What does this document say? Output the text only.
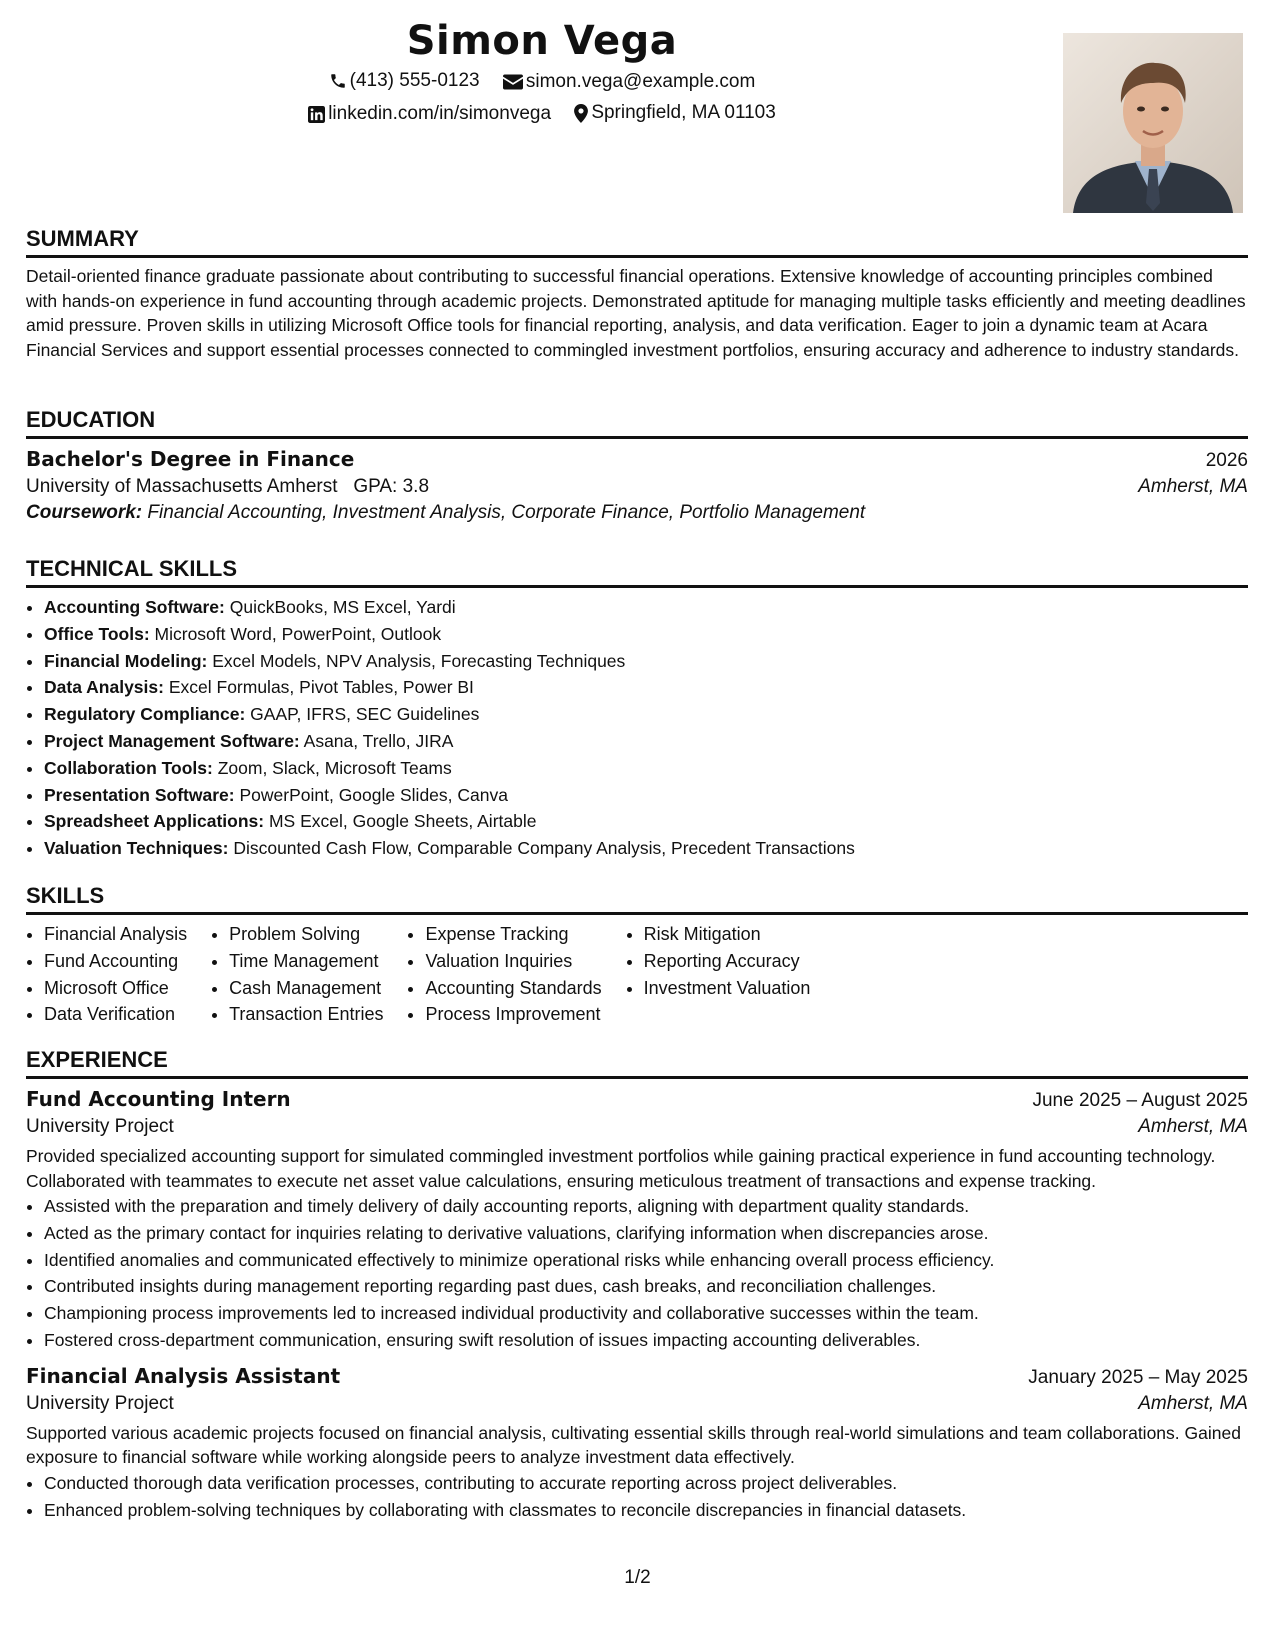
Simon Vega
(413) 555-0123
simon.vega@example.com
linkedin.com/in/simonvega
Springfield, MA 01103
SUMMARY

Detail-oriented finance graduate passionate about contributing to successful financial operations. Extensive knowledge of accounting principles combined with hands-on experience in fund accounting through academic projects. Demonstrated aptitude for managing multiple tasks efficiently and meeting deadlines amid pressure. Proven skills in utilizing Microsoft Office tools for financial reporting, analysis, and data verification. Eager to join a dynamic team at Acara Financial Services and support essential processes connected to commingled investment portfolios, ensuring accuracy and adherence to industry standards.

EDUCATION
Bachelor's Degree in Finance	2026
University of Massachusetts Amherst   GPA: 3.8	Amherst, MA
Coursework: Financial Accounting, Investment Analysis, Corporate Finance, Portfolio Management
TECHNICAL SKILLS
• Accounting Software: QuickBooks, MS Excel, Yardi
• Office Tools: Microsoft Word, PowerPoint, Outlook
• Financial Modeling: Excel Models, NPV Analysis, Forecasting Techniques
• Data Analysis: Excel Formulas, Pivot Tables, Power BI
• Regulatory Compliance: GAAP, IFRS, SEC Guidelines
• Project Management Software: Asana, Trello, JIRA
• Collaboration Tools: Zoom, Slack, Microsoft Teams
• Presentation Software: PowerPoint, Google Slides, Canva
• Spreadsheet Applications: MS Excel, Google Sheets, Airtable
• Valuation Techniques: Discounted Cash Flow, Comparable Company Analysis, Precedent Transactions
SKILLS
• Financial Analysis
• Fund Accounting
• Microsoft Office
• Data Verification
• Problem Solving
• Time Management
• Cash Management
• Transaction Entries
• Expense Tracking
• Valuation Inquiries
• Accounting Standards
• Process Improvement
• Risk Mitigation
• Reporting Accuracy
• Investment Valuation
EXPERIENCE
Fund Accounting Intern	June 2025 – August 2025
University Project	Amherst, MA

Provided specialized accounting support for simulated commingled investment portfolios while gaining practical experience in fund accounting technology. Collaborated with teammates to execute net asset value calculations, ensuring meticulous treatment of transactions and expense tracking.

• Assisted with the preparation and timely delivery of daily accounting reports, aligning with department quality standards.
• Acted as the primary contact for inquiries relating to derivative valuations, clarifying information when discrepancies arose.
• Identified anomalies and communicated effectively to minimize operational risks while enhancing overall process efficiency.
• Contributed insights during management reporting regarding past dues, cash breaks, and reconciliation challenges.
• Championing process improvements led to increased individual productivity and collaborative successes within the team.
• Fostered cross-department communication, ensuring swift resolution of issues impacting accounting deliverables.
Financial Analysis Assistant	January 2025 – May 2025
University Project	Amherst, MA

Supported various academic projects focused on financial analysis, cultivating essential skills through real-world simulations and team collaborations. Gained exposure to financial software while working alongside peers to analyze investment data effectively.

• Conducted thorough data verification processes, contributing to accurate reporting across project deliverables.
• Enhanced problem-solving techniques by collaborating with classmates to reconcile discrepancies in financial datasets.
1/2
